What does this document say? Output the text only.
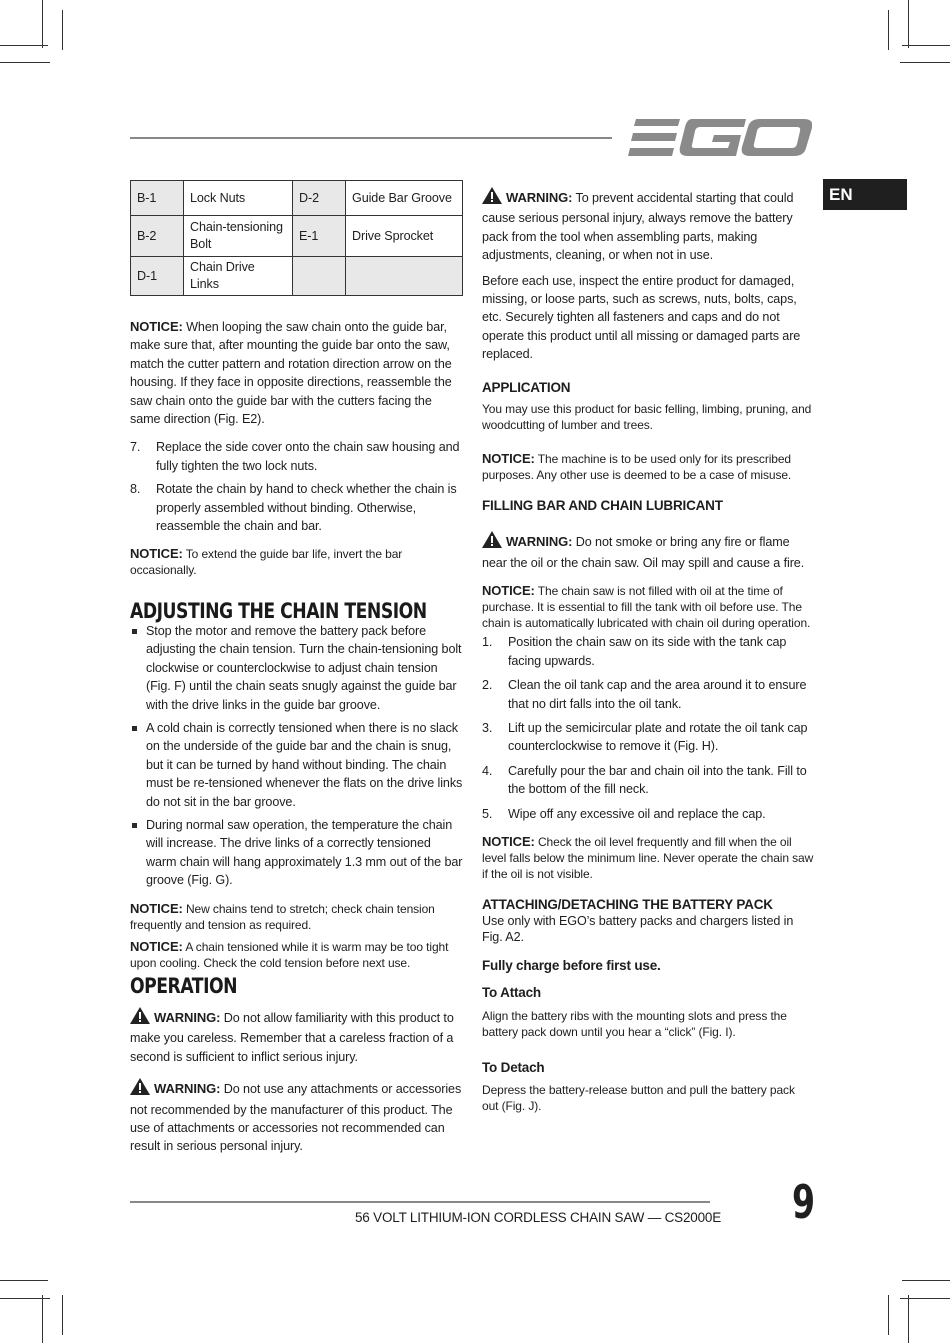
EN
B-1	Lock Nuts	D-2	Guide Bar Groove
B-2	Chain-tensioning Bolt	E-1	Drive Sprocket
D-1	Chain Drive Links		

NOTICE: When looping the saw chain onto the guide bar, make sure that, after mounting the guide bar onto the saw, match the cutter pattern and rotation direction arrow on the housing. If they face in opposite directions, reassemble the saw chain onto the guide bar with the cutters facing the same direction (Fig. E2).

7. Replace the side cover onto the chain saw housing and fully tighten the two lock nuts.
8. Rotate the chain by hand to check whether the chain is properly assembled without binding. Otherwise, reassemble the chain and bar.

NOTICE: To extend the guide bar life, invert the bar occasionally.

ADJUSTING THE CHAIN TENSION
Stop the motor and remove the battery pack before adjusting the chain tension. Turn the chain-tensioning bolt clockwise or counterclockwise to adjust chain tension (Fig. F) until the chain seats snugly against the guide bar with the drive links in the guide bar groove.
A cold chain is correctly tensioned when there is no slack on the underside of the guide bar and the chain is snug, but it can be turned by hand without binding. The chain must be re-tensioned whenever the flats on the drive links do not sit in the bar groove.
During normal saw operation, the temperature the chain will increase. The drive links of a correctly tensioned warm chain will hang approximately 1.3 mm out of the bar groove (Fig. G).

NOTICE: New chains tend to stretch; check chain tension frequently and tension as required.

NOTICE: A chain tensioned while it is warm may be too tight upon cooling. Check the cold tension before next use.

OPERATION

WARNING: Do not allow familiarity with this product to make you careless. Remember that a careless fraction of a second is sufficient to inflict serious injury.

WARNING: Do not use any attachments or accessories not recommended by the manufacturer of this product. The use of attachments or accessories not recommended can result in serious personal injury.

WARNING: To prevent accidental starting that could cause serious personal injury, always remove the battery pack from the tool when assembling parts, making adjustments, cleaning, or when not in use.

Before each use, inspect the entire product for damaged, missing, or loose parts, such as screws, nuts, bolts, caps, etc. Securely tighten all fasteners and caps and do not operate this product until all missing or damaged parts are replaced.

APPLICATION

You may use this product for basic felling, limbing, pruning, and woodcutting of lumber and trees.

NOTICE: The machine is to be used only for its prescribed purposes. Any other use is deemed to be a case of misuse.

FILLING BAR AND CHAIN LUBRICANT

WARNING: Do not smoke or bring any fire or flame near the oil or the chain saw. Oil may spill and cause a fire.

NOTICE: The chain saw is not filled with oil at the time of purchase. It is essential to fill the tank with oil before use. The chain is automatically lubricated with chain oil during operation.

1. Position the chain saw on its side with the tank cap facing upwards.
2. Clean the oil tank cap and the area around it to ensure that no dirt falls into the oil tank.
3. Lift up the semicircular plate and rotate the oil tank cap counterclockwise to remove it (Fig. H).
4. Carefully pour the bar and chain oil into the tank. Fill to the bottom of the fill neck.
5. Wipe off any excessive oil and replace the cap.

NOTICE: Check the oil level frequently and fill when the oil level falls below the minimum line. Never operate the chain saw if the oil is not visible.

ATTACHING/DETACHING THE BATTERY PACK

Use only with EGO’s battery packs and chargers listed in Fig. A2.

Fully charge before first use.
To Attach

Align the battery ribs with the mounting slots and press the battery pack down until you hear a “click” (Fig. I).

To Detach

Depress the battery-release button and pull the battery pack out (Fig. J).

56 VOLT LITHIUM-ION CORDLESS CHAIN SAW — CS2000E 9
